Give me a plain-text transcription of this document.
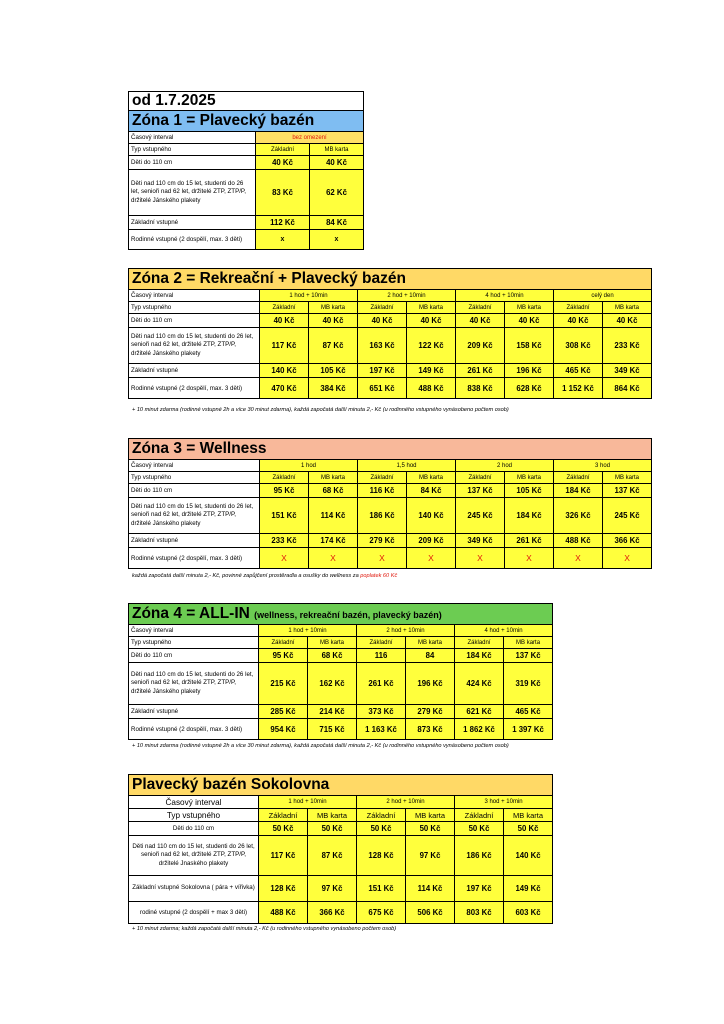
od 1.7.2025		
Zóna 1 = Plavecký bazén		
Časový interval	bez omezení	
Typ vstupného	Základní	MB karta
Děti do 110 cm	40 Kč	40 Kč
Děti nad 110 cm do 15 let, studenti do 26 let, senioři nad 62 let, držitelé ZTP, ZTP/P, držitelé Jánského plakety	83 Kč	62 Kč
Základní vstupné	112 Kč	84 Kč
Rodinné vstupné (2 dospělí, max. 3 děti)	x	x
Zóna 2 = Rekreační + Plavecký bazén								
Časový interval	1 hod + 10min		2 hod + 10min		4 hod + 10min		celý den	
Typ vstupného	Základní	MB karta	Základní	MB karta	Základní	MB karta	Základní	MB karta
Děti do 110 cm	40 Kč	40 Kč	40 Kč	40 Kč	40 Kč	40 Kč	40 Kč	40 Kč
Děti nad 110 cm do 15 let, studenti do 26 let, senioři nad 62 let, držitelé ZTP, ZTP/P, držitelé Jánského plakety	117 Kč	87 Kč	163 Kč	122 Kč	209 Kč	158 Kč	308 Kč	233 Kč
Základní vstupné	140 Kč	105 Kč	197 Kč	149 Kč	261 Kč	196 Kč	465 Kč	349 Kč
Rodinné vstupné (2 dospělí, max. 3 děti)	470 Kč	384 Kč	651 Kč	488 Kč	838 Kč	628 Kč	1 152 Kč	864 Kč
+ 10 minut zdarma (rodinné vstupné 2h a více 30 minut zdarma), každá započatá další minuta 2,- Kč (u rodinného vstupného vynásobeno počtem osob)
Zóna 3 = Wellness								
Časový interval	1 hod		1,5 hod		2 hod		3 hod	
Typ vstupného	Základní	MB karta	Základní	MB karta	Základní	MB karta	Základní	MB karta
Děti do 110 cm	95 Kč	68 Kč	116 Kč	84 Kč	137 Kč	105 Kč	184 Kč	137 Kč
Děti nad 110 cm do 15 let, studenti do 26 let, senioři nad 62 let, držitelé ZTP, ZTP/P, držitelé Jánského plakety	151 Kč	114 Kč	186 Kč	140 Kč	245 Kč	184 Kč	326 Kč	245 Kč
Základní vstupné	233 Kč	174 Kč	279 Kč	209 Kč	349 Kč	261 Kč	488 Kč	366 Kč
Rodinné vstupné (2 dospělí, max. 3 děti)	X	X	X	X	X	X	X	X
každá započatá další minuta 2,- Kč, povinné zapůjčení prostěradla a osušky do wellness za poplatek 60 Kč
Zóna 4 = ALL-IN (wellness, rekreační bazén, plavecký bazén)						
Časový interval	1 hod + 10min		2 hod + 10min		4 hod + 10min	
Typ vstupného	Základní	MB karta	Základní	MB karta	Základní	MB karta
Děti do 110 cm	95 Kč	68 Kč	116	84	184 Kč	137 Kč
Děti nad 110 cm do 15 let, studenti do 26 let, senioři nad 62 let, držitelé ZTP, ZTP/P, držitelé Jánského plakety	215 Kč	162 Kč	261 Kč	196 Kč	424 Kč	319 Kč
Základní vstupné	285 Kč	214 Kč	373 Kč	279 Kč	621 Kč	465 Kč
Rodinné vstupné (2 dospělí, max. 3 děti)	954 Kč	715 Kč	1 163 Kč	873 Kč	1 862 Kč	1 397 Kč
+ 10 minut zdarma (rodinné vstupné 2h a více 30 minut zdarma), každá započatá další minuta 2,- Kč (u rodinného vstupného vynásobeno počtem osob)
Plavecký bazén Sokolovna						
Časový interval	1 hod + 10min		2 hod + 10min		3 hod + 10min	
Typ vstupného	Základní	MB karta	Základní	MB karta	Základní	MB karta
Děti do 110 cm	50 Kč	50 Kč	50 Kč	50 Kč	50 Kč	50 Kč
Děti nad 110 cm do 15 let, studenti do 26 let, senioři nad 62 let, držitelé ZTP, ZTP/P, držitelé Jnaského plakety	117 Kč	87 Kč	128 Kč	97 Kč	186 Kč	140 Kč
Základní vstupné Sokolovna ( pára + vířivka)	128 Kč	97 Kč	151 Kč	114 Kč	197 Kč	149 Kč
rodiné vstupné (2 dospělí + max 3 děti)	488 Kč	366 Kč	675 Kč	506 Kč	803 Kč	603 Kč
+ 10 minut zdarma; každá započatá další minuta 2,- Kč (u rodinného vstupného vynásobeno počtem osob)
